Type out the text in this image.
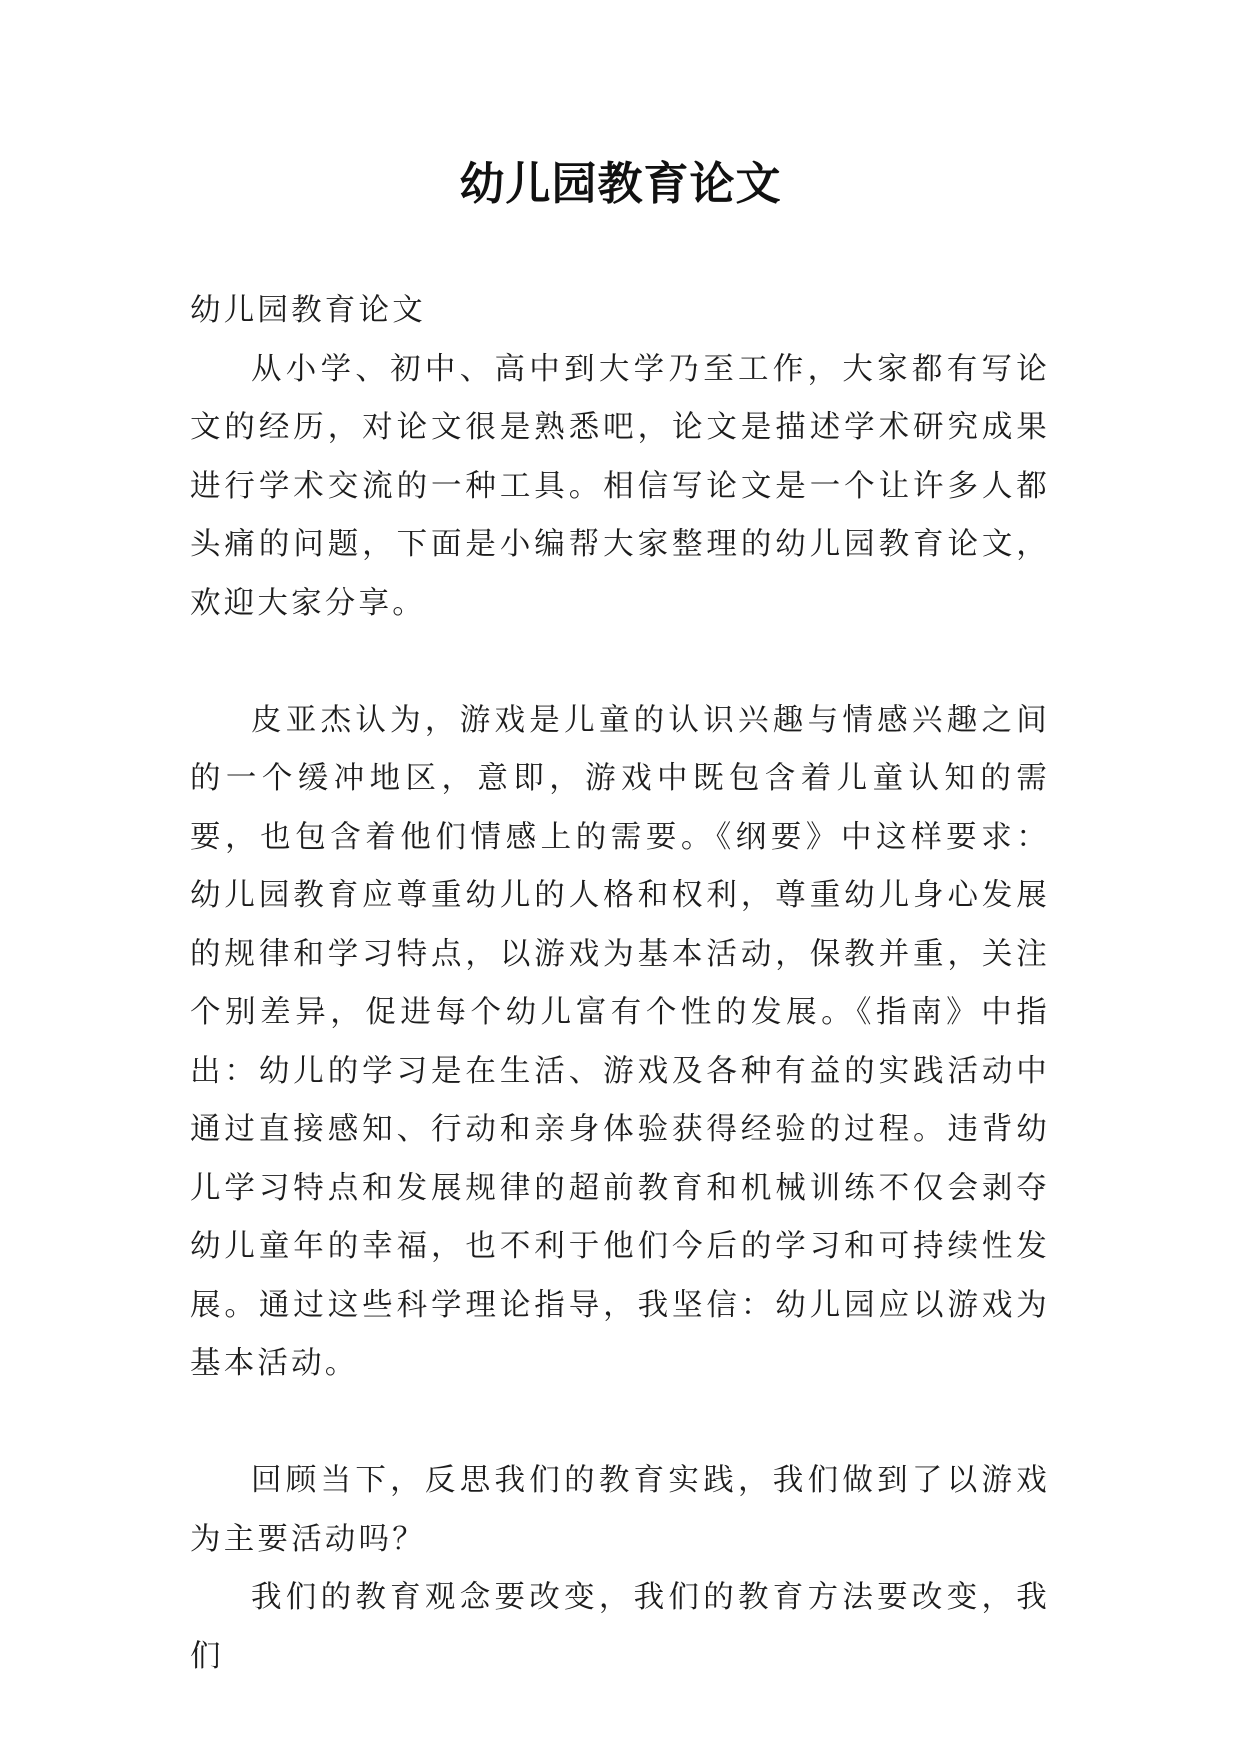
幼儿园教育论文

幼儿园教育论文

从小学、初中、高中到大学乃至工作，大家都有写论文的经历，对论文很是熟悉吧，论文是描述学术研究成果进行学术交流的一种工具。相信写论文是一个让许多人都头痛的问题，下面是小编帮大家整理的幼儿园教育论文，欢迎大家分享。

皮亚杰认为，游戏是儿童的认识兴趣与情感兴趣之间的一个缓冲地区，意即，游戏中既包含着儿童认知的需要，也包含着他们情感上的需要。《纲要》中这样要求：幼儿园教育应尊重幼儿的人格和权利，尊重幼儿身心发展的规律和学习特点，以游戏为基本活动，保教并重，关注个别差异，促进每个幼儿富有个性的发展。《指南》中指出：幼儿的学习是在生活、游戏及各种有益的实践活动中通过直接感知、行动和亲身体验获得经验的过程。违背幼儿学习特点和发展规律的超前教育和机械训练不仅会剥夺幼儿童年的幸福，也不利于他们今后的学习和可持续性发展。通过这些科学理论指导，我坚信：幼儿园应以游戏为基本活动。

回顾当下，反思我们的教育实践，我们做到了以游戏为主要活动吗？

我们的教育观念要改变，我们的教育方法要改变，我们
